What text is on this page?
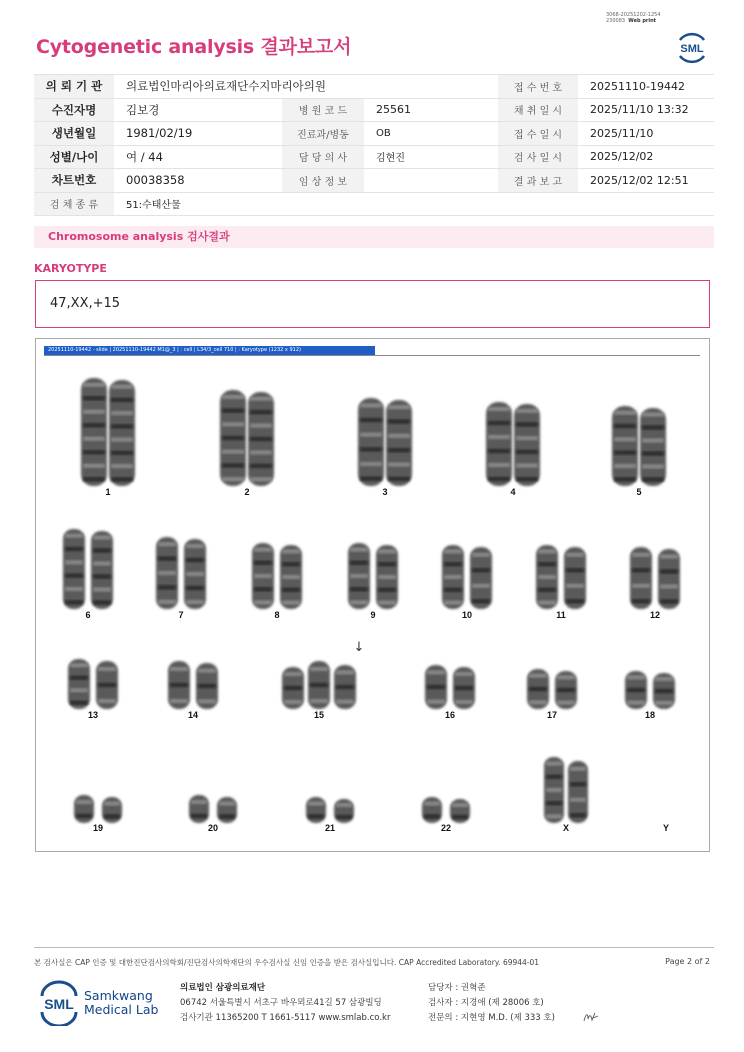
3068-20251202-1254
230083 Web print
Cytogenetic analysis 결과보고서	SML
의 뢰 기 관	의료법인마리아의료재단수지마리아의원			접 수 번 호	20251110-19442
수진자명	김보경	병 원 코 드	25561	채 취 일 시	2025/11/10 13:32
생년월일	1981/02/19	진료과/병동	OB	접 수 일 시	2025/11/10
성별/나이	여 / 44	담 당 의 사	김현진	검 사 일 시	2025/12/02
차트번호	00038358	임 상 정 보		결 과 보 고	2025/12/02 12:51
검 체 종 류	51:수태산물				
Chromosome analysis 검사결과
KARYOTYPE
47,XX,+15
20251110-19442 - slide | 20251110-19442 M1@_3 | : cell | L34/3_cell 710 | : Karyotype (1232 x 912)
1	2	3	4	5
6	7	8	9	10	11	12
13	14	15	16	17	18
19	20	21	22	X	Y
↓
본 검사실은 CAP 인증 및 대한진단검사의학회/진단검사의학재단의 우수검사실 신임 인증을 받은 검사실입니다. CAP Accredited Laboratory. 69944-01	Page 2 of 2
SML
Samkwang
Medical Lab
의료법인 삼광의료재단
06742 서울특별시 서초구 바우뫼로41길 57 삼광빌딩
검사기관 11365200 T 1661-5117 www.smlab.co.kr
담당자 : 권혁준
검사자 : 지경애 (제 28006 호)
전문의 : 지현영 M.D. (제 333 호)
